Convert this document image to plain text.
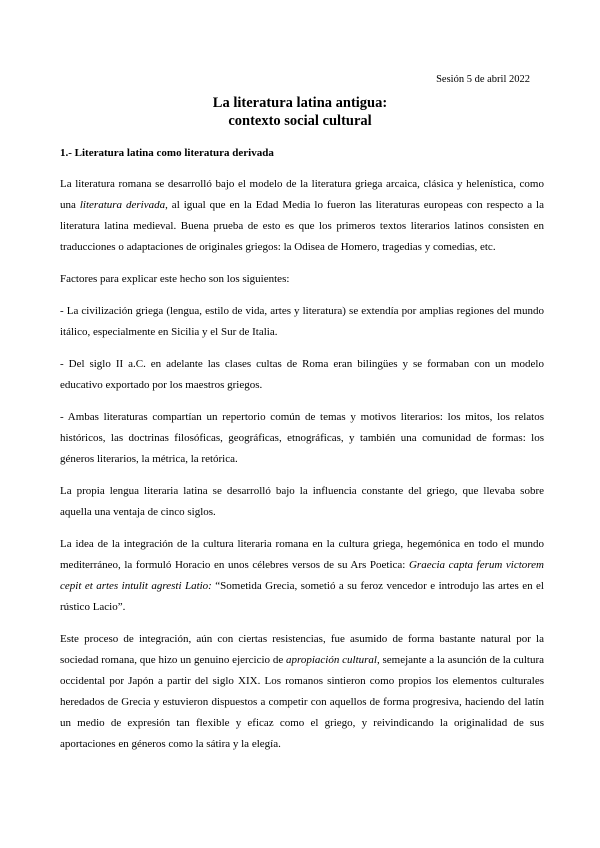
Sesión 5 de abril 2022
La literatura latina antigua:
contexto social cultural
1.- Literatura latina como literatura derivada

La literatura romana se desarrolló bajo el modelo de la literatura griega arcaica, clásica y helenística, como una literatura derivada, al igual que en la Edad Media lo fueron las literaturas europeas con respecto a la literatura latina medieval. Buena prueba de esto es que los primeros textos literarios latinos consisten en traducciones o adaptaciones de originales griegos: la Odisea de Homero, tragedias y comedias, etc.

Factores para explicar este hecho son los siguientes:

- La civilización griega (lengua, estilo de vida, artes y literatura) se extendía por amplias regiones del mundo itálico, especialmente en Sicilia y el Sur de Italia.

- Del siglo II a.C. en adelante las clases cultas de Roma eran bilingües y se formaban con un modelo educativo exportado por los maestros griegos.

- Ambas literaturas compartían un repertorio común de temas y motivos literarios: los mitos, los relatos históricos, las doctrinas filosóficas, geográficas, etnográficas, y también una comunidad de formas: los géneros literarios, la métrica, la retórica.

La propia lengua literaria latina se desarrolló bajo la influencia constante del griego, que llevaba sobre aquella una ventaja de cinco siglos.

La idea de la integración de la cultura literaria romana en la cultura griega, hegemónica en todo el mundo mediterráneo, la formuló Horacio en unos célebres versos de su Ars Poetica: Graecia capta ferum victorem cepit et artes intulit agresti Latio: “Sometida Grecia, sometió a su feroz vencedor e introdujo las artes en el rústico Lacio”.

Este proceso de integración, aún con ciertas resistencias, fue asumido de forma bastante natural por la sociedad romana, que hizo un genuino ejercicio de apropiación cultural, semejante a la asunción de la cultura occidental por Japón a partir del siglo XIX. Los romanos sintieron como propios los elementos culturales heredados de Grecia y estuvieron dispuestos a competir con aquellos de forma progresiva, haciendo del latín un medio de expresión tan flexible y eficaz como el griego, y reivindicando la originalidad de sus aportaciones en géneros como la sátira y la elegía.
